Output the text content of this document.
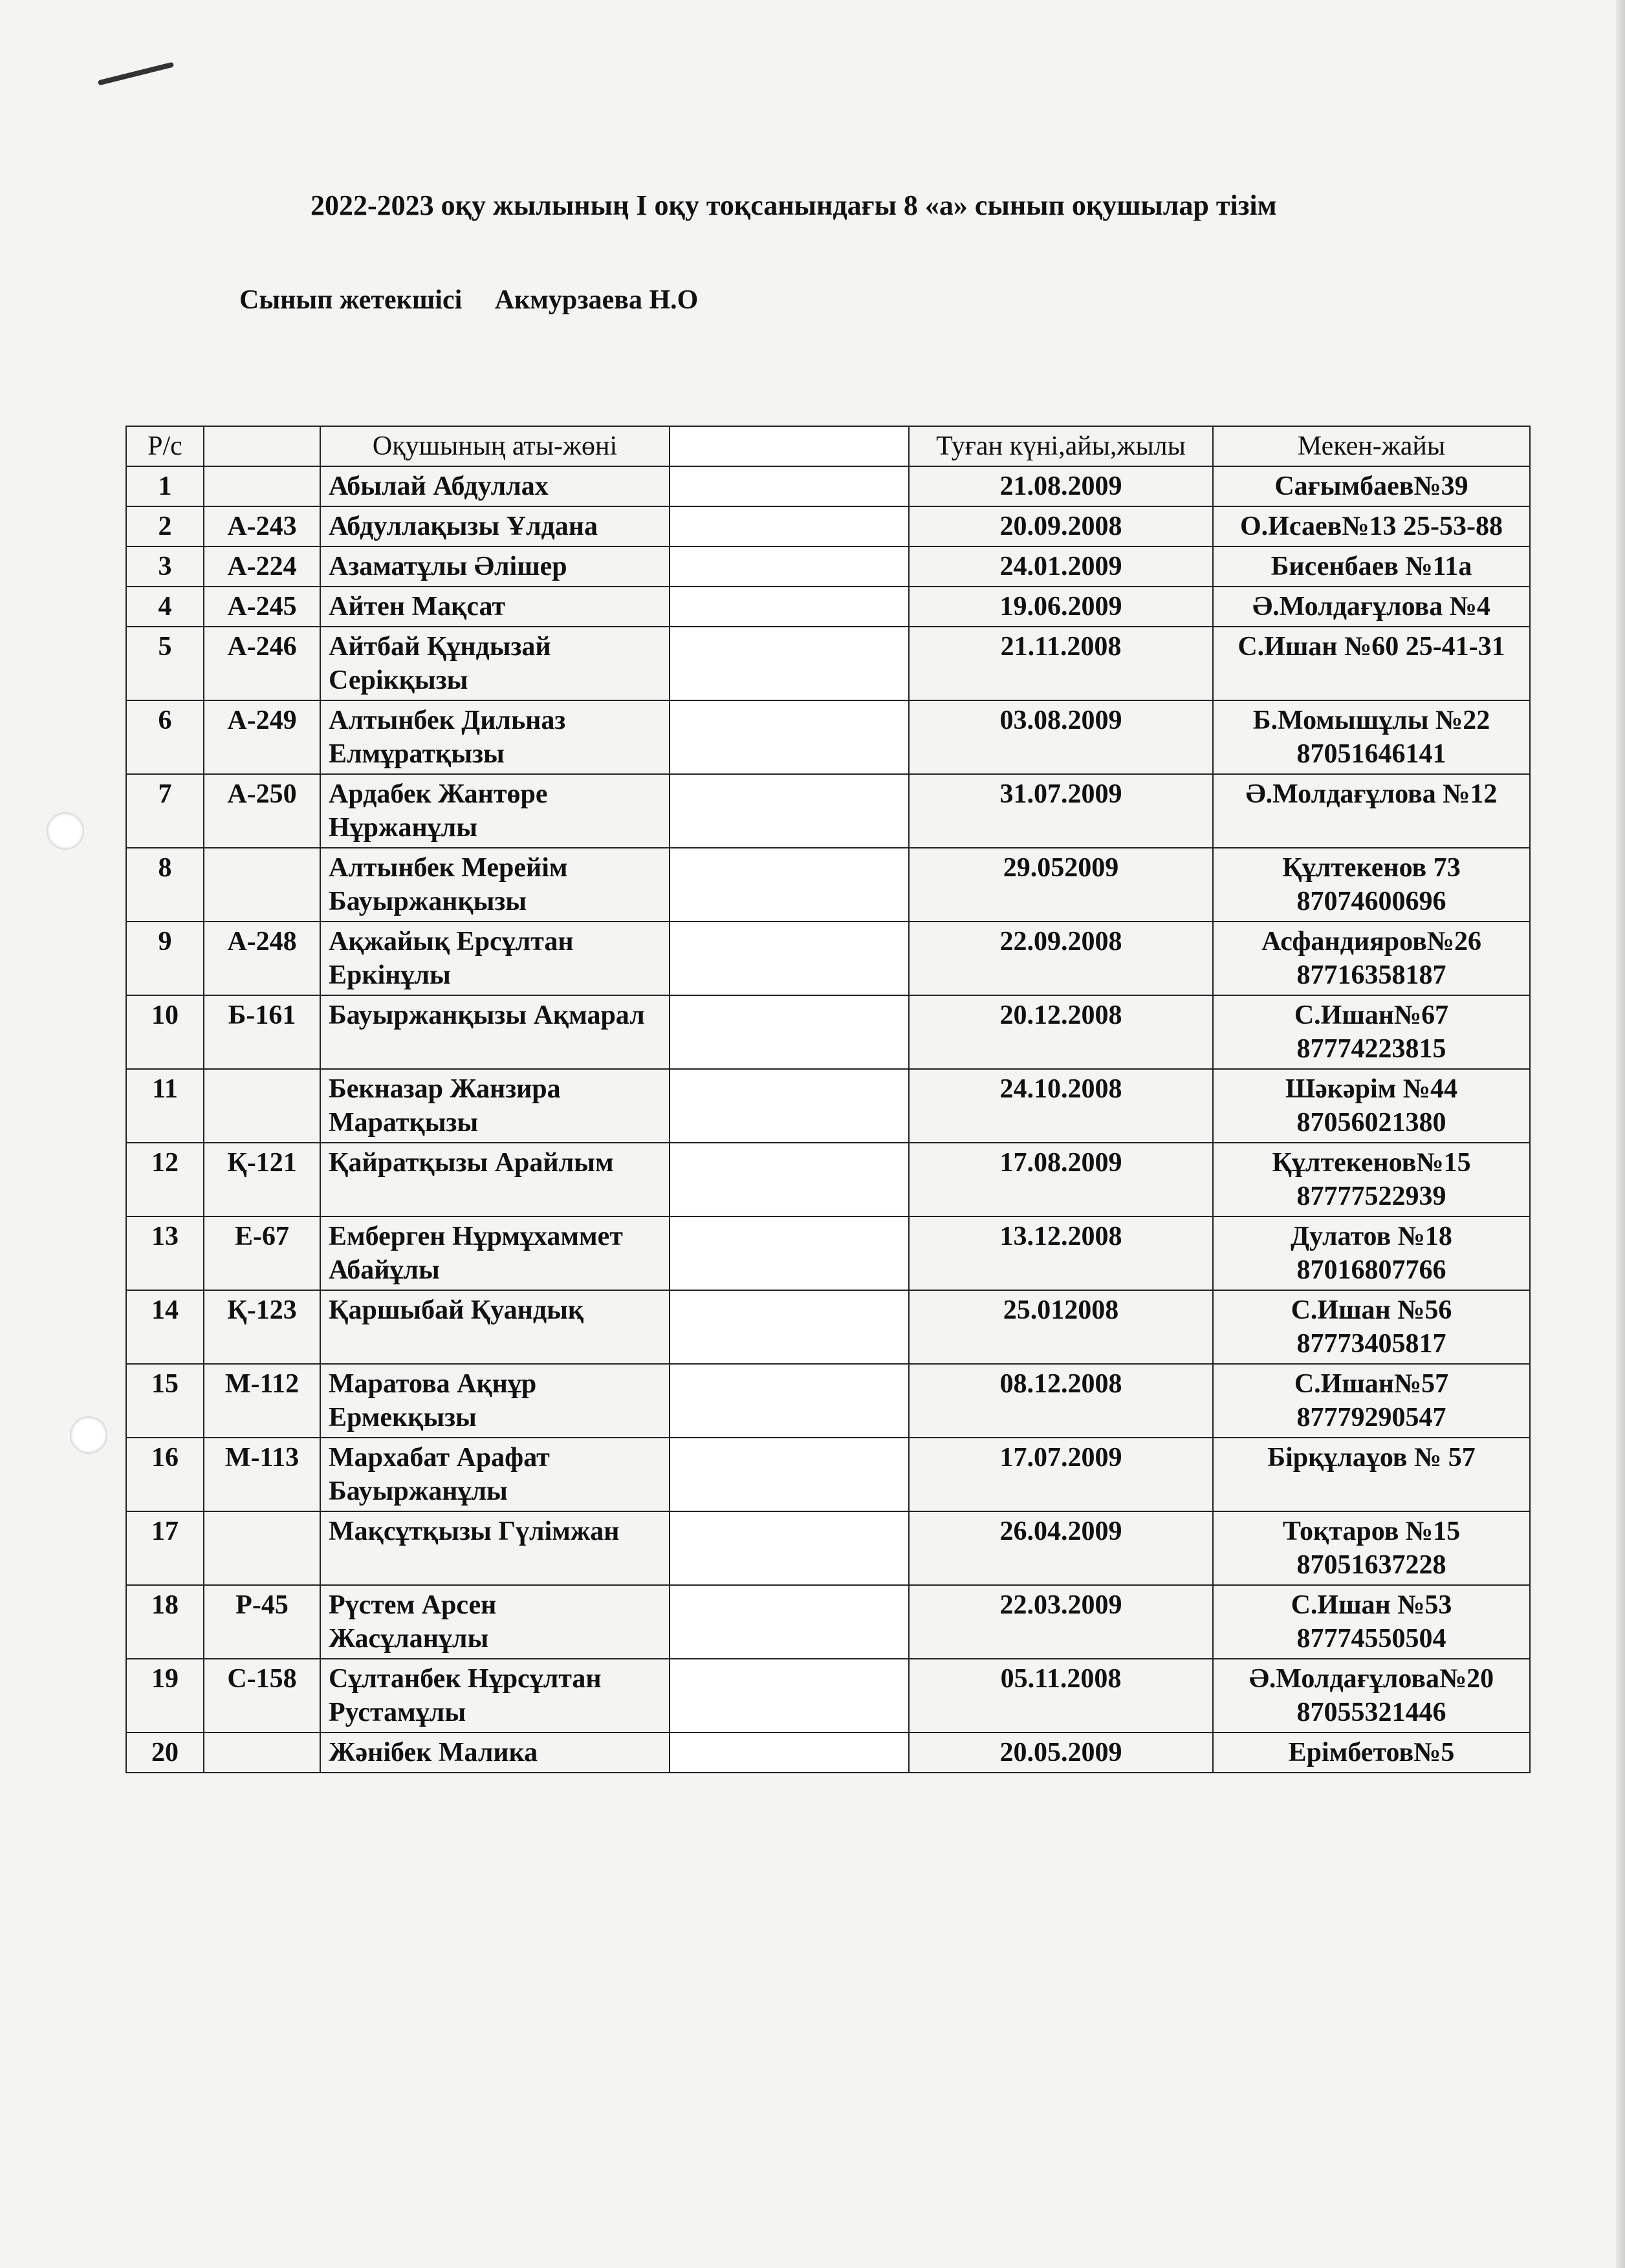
2022-2023 оқу жылының I оқу тоқсанындағы 8 «а» сынып оқушылар тізім
Сынып жетекшісі Акмурзаева Н.О
Р/с		Оқушының аты-жөні		Туған күні,айы,жылы	Мекен-жайы
1		Абылай Абдуллах		21.08.2009	Сағымбаев№39
2	А-243	Абдуллақызы Ұлдана		20.09.2008	О.Исаев№13 25-53-88
3	А-224	Азаматұлы Әлішер		24.01.2009	Бисенбаев №11а
4	А-245	Айтен Мақсат		19.06.2009	Ә.Молдағұлова №4
5	А-246	Айтбай Құндызай Серікқызы		21.11.2008	С.Ишан №60 25-41-31
6	А-249	Алтынбек Дильназ Елмұратқызы		03.08.2009	Б.Момышұлы №22 87051646141
7	А-250	Ардабек Жантөре Нұржанұлы		31.07.2009	Ә.Молдағұлова №12
8		Алтынбек Мерейім Бауыржанқызы		29.052009	Құлтекенов 73 87074600696
9	А-248	Ақжайық Ерсұлтан Еркінұлы		22.09.2008	Асфандияров№26 87716358187
10	Б-161	Бауыржанқызы Ақмарал		20.12.2008	С.Ишан№67 87774223815
11		Бекназар Жанзира Маратқызы		24.10.2008	Шәкәрім №44 87056021380
12	Қ-121	Қайратқызы Арайлым		17.08.2009	Құлтекенов№15 87777522939
13	Е-67	Емберген Нұрмұхаммет Абайұлы		13.12.2008	Дулатов №18 87016807766
14	Қ-123	Қаршыбай Қуандық		25.012008	С.Ишан №56 87773405817
15	М-112	Маратова Ақнұр Ермекқызы		08.12.2008	С.Ишан№57 87779290547
16	М-113	Мархабат Арафат Бауыржанұлы		17.07.2009	Бірқұлаұов № 57
17		Мақсұтқызы Гүлімжан		26.04.2009	Тоқтаров №15 87051637228
18	Р-45	Рүстем Арсен Жасұланұлы		22.03.2009	С.Ишан №53 87774550504
19	С-158	Сұлтанбек Нұрсұлтан Рустамұлы		05.11.2008	Ә.Молдағұлова№20 87055321446
20		Жәнібек Малика		20.05.2009	Ерімбетов№5
